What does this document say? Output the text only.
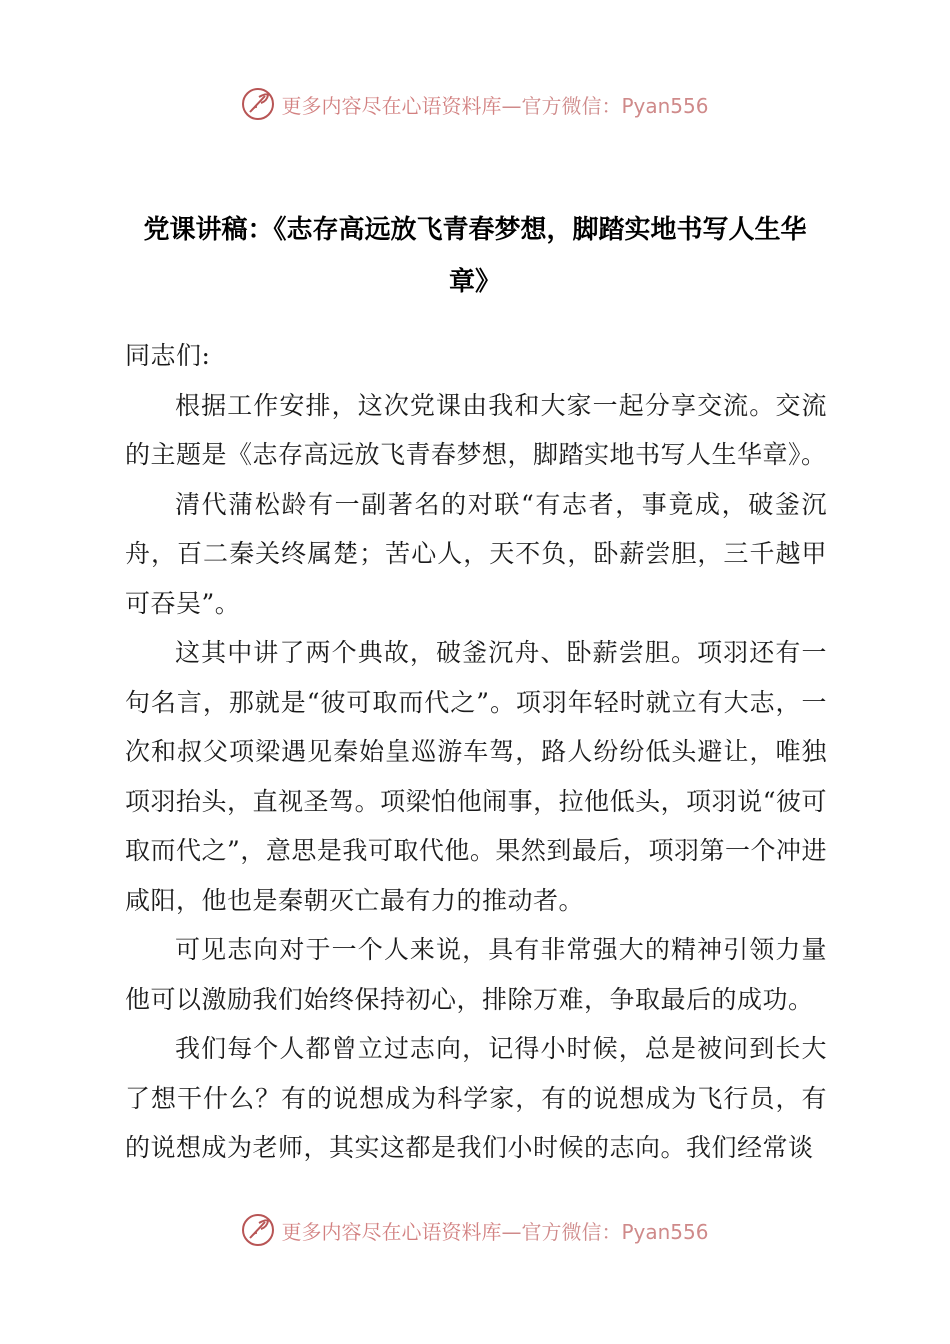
更多内容尽在心语资料库 —官方微信：Pyan556
党课讲稿：《志存高远放飞青春梦想，脚踏实地书写人生华章》

同志们:

根据工作安排，这次党课由我和大家一起分享交流。交流的主题是《志存高远放飞青春梦想，脚踏实地书写人生华章》。

清代蒲松龄有一副著名的对联“有志者，事竟成，破釜沉舟，百二秦关终属楚；苦心人，天不负，卧薪尝胆，三千越甲可吞吴”。

这其中讲了两个典故，破釜沉舟、卧薪尝胆。项羽还有一句名言，那就是“彼可取而代之”。项羽年轻时就立有大志，一次和叔父项梁遇见秦始皇巡游车驾，路人纷纷低头避让，唯独项羽抬头，直视圣驾。项梁怕他闹事，拉他低头，项羽说“彼可取而代之”，意思是我可取代他。果然到最后，项羽第一个冲进咸阳，他也是秦朝灭亡最有力的推动者。

可见志向对于一个人来说，具有非常强大的精神引领力量他可以激励我们始终保持初心，排除万难，争取最后的成功。

我们每个人都曾立过志向，记得小时候，总是被问到长大了想干什么？有的说想成为科学家，有的说想成为飞行员，有的说想成为老师，其实这都是我们小时候的志向。我们经常谈

更多内容尽在心语资料库 —官方微信：Pyan556
